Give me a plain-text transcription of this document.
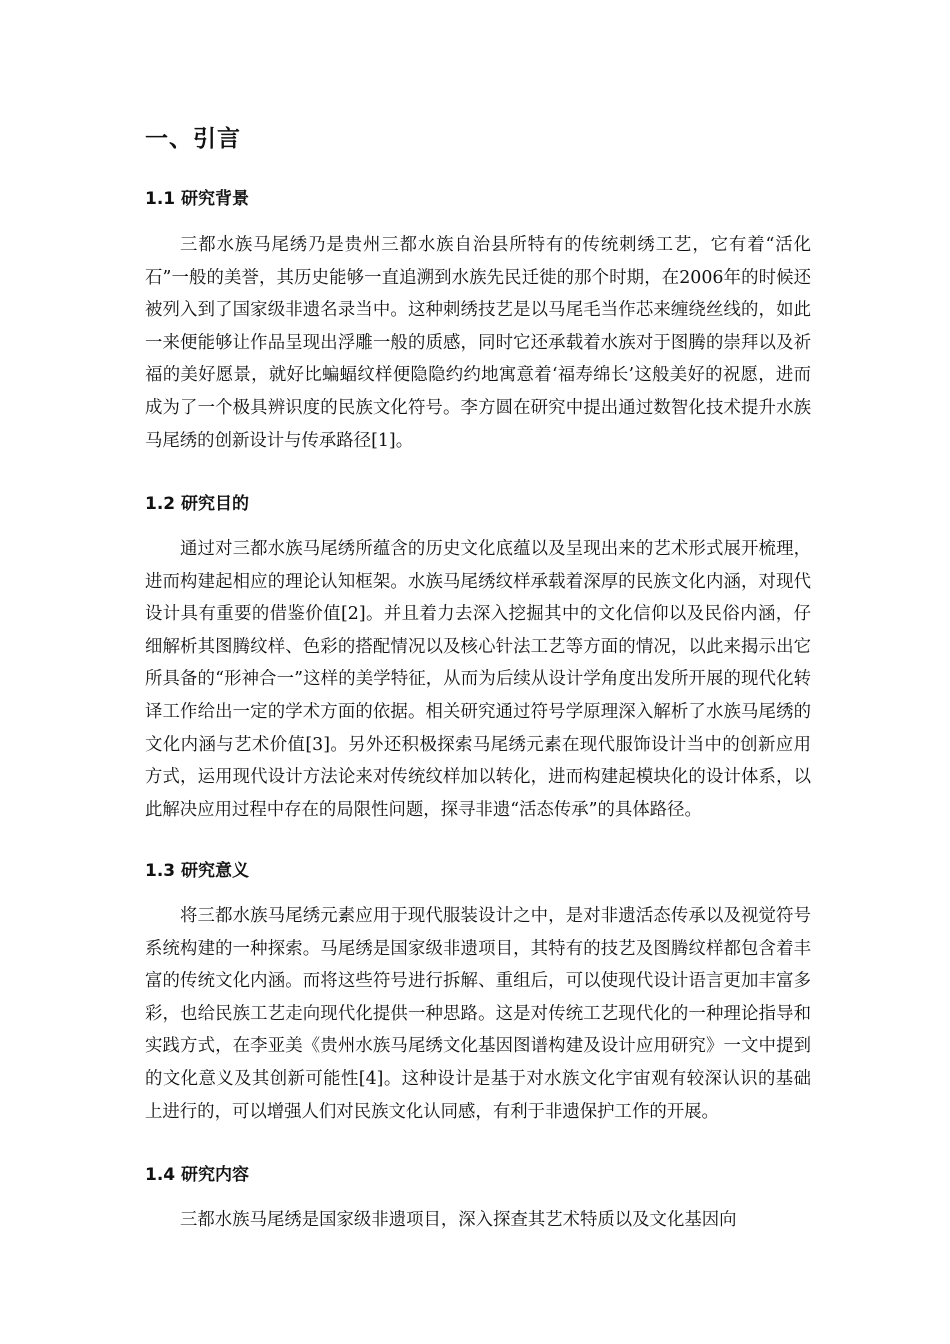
一、引言
1.1 研究背景

三都水族马尾绣乃是贵州三都水族自治县所特有的传统刺绣工艺，它有着“活化石”一般的美誉，其历史能够一直追溯到水族先民迁徙的那个时期，在2006年的时候还被列入到了国家级非遗名录当中。这种刺绣技艺是以马尾毛当作芯来缠绕丝线的，如此一来便能够让作品呈现出浮雕一般的质感，同时它还承载着水族对于图腾的崇拜以及祈福的美好愿景，就好比蝙蝠纹样便隐隐约约地寓意着‘福寿绵长’这般美好的祝愿，进而成为了一个极具辨识度的民族文化符号。李方圆在研究中提出通过数智化技术提升水族马尾绣的创新设计与传承路径[1]。

1.2 研究目的

通过对三都水族马尾绣所蕴含的历史文化底蕴以及呈现出来的艺术形式展开梳理，进而构建起相应的理论认知框架。水族马尾绣纹样承载着深厚的民族文化内涵，对现代设计具有重要的借鉴价值[2]。并且着力去深入挖掘其中的文化信仰以及民俗内涵，仔细解析其图腾纹样、色彩的搭配情况以及核心针法工艺等方面的情况，以此来揭示出它所具备的“形神合一”这样的美学特征，从而为后续从设计学角度出发所开展的现代化转译工作给出一定的学术方面的依据。相关研究通过符号学原理深入解析了水族马尾绣的文化内涵与艺术价值[3]。另外还积极探索马尾绣元素在现代服饰设计当中的创新应用方式，运用现代设计方法论来对传统纹样加以转化，进而构建起模块化的设计体系，以此解决应用过程中存在的局限性问题，探寻非遗“活态传承”的具体路径。

1.3 研究意义

将三都水族马尾绣元素应用于现代服装设计之中，是对非遗活态传承以及视觉符号系统构建的一种探索。马尾绣是国家级非遗项目，其特有的技艺及图腾纹样都包含着丰富的传统文化内涵。而将这些符号进行拆解、重组后，可以使现代设计语言更加丰富多彩，也给民族工艺走向现代化提供一种思路。这是对传统工艺现代化的一种理论指导和实践方式，在李亚美《贵州水族马尾绣文化基因图谱构建及设计应用研究》一文中提到的文化意义及其创新可能性[4]。这种设计是基于对水族文化宇宙观有较深认识的基础上进行的，可以增强人们对民族文化认同感，有利于非遗保护工作的开展。

1.4 研究内容

三都水族马尾绣是国家级非遗项目，深入探查其艺术特质以及文化基因向
